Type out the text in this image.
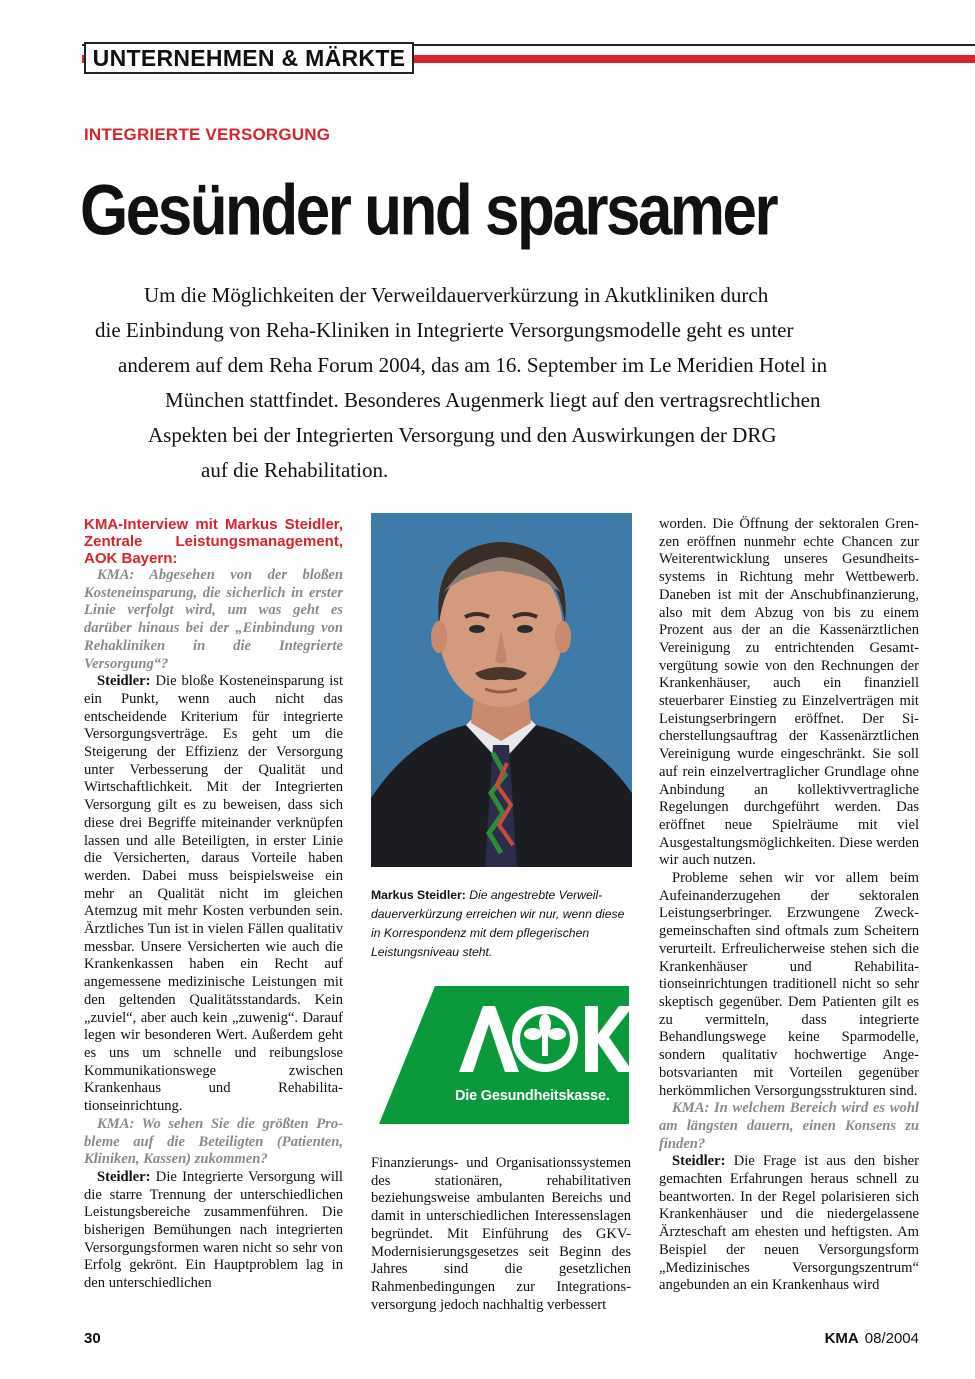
UNTERNEHMEN & MÄRKTE
INTEGRIERTE VERSORGUNG
Gesünder und sparsamer
Um die Möglichkeiten der Verweildauerverkürzung in Akutkliniken durch
die Einbindung von Reha-Kliniken in Integrierte Versorgungsmodelle geht es unter
anderem auf dem Reha Forum 2004, das am 16. September im Le Meridien Hotel in
München stattfindet. Besonderes Augenmerk liegt auf den vertragsrechtlichen
Aspekten bei der Integrierten Versorgung und den Auswirkungen der DRG
auf die Rehabilitation.

KMA-Interview mit Markus Steidler, Zentrale Leistungsmanagement, AOK Bayern:

KMA: Abgesehen von der bloßen Kosteneinsparung, die sicherlich in erster Linie verfolgt wird, um was geht es darüber hinaus bei der „Einbindung von Rehakliniken in die Integrierte Versorgung“?

Steidler: Die bloße Kosteneinsparung ist ein Punkt, wenn auch nicht das entscheidende Kriterium für integrierte Versorgungsverträge. Es geht um die Steigerung der Effizienz der Versorgung unter Verbesserung der Qualität und Wirtschaftlichkeit. Mit der Integrierten Versorgung gilt es zu beweisen, dass sich diese drei Begriffe miteinander verknüpfen lassen und alle Beteiligten, in erster Linie die Versicherten, daraus Vorteile haben werden. Dabei muss beispielsweise ein mehr an Qualität nicht im gleichen Atemzug mit mehr Kosten verbunden sein. Ärztliches Tun ist in vielen Fällen qualitativ messbar. Unsere Versicherten wie auch die Krankenkassen haben ein Recht auf angemessene medizinische Leistungen mit den geltenden Qualitätsstandards. Kein „zuviel“, aber auch kein „zuwenig“. Darauf legen wir besonderen Wert. Außerdem geht es uns um schnelle und reibungslose Kommunikationswege zwischen Krankenhaus und Rehabilitationseinrichtung.

KMA: Wo sehen Sie die größten Probleme auf die Beteiligten (Patienten, Kliniken, Kassen) zukommen?

Steidler: Die Integrierte Versorgung will die starre Trennung der unterschiedlichen Leistungsbereiche zusammenführen. Die bisherigen Bemühungen nach integrierten Versorgungsformen waren nicht so sehr von Erfolg gekrönt. Ein Hauptproblem lag in den unterschiedlichen

Markus Steidler: Die angestrebte Verweildauerverkürzung erreichen wir nur, wenn diese in Korrespondenz mit dem pflegerischen Leistungsniveau steht.
Die Gesundheitskasse.

Finanzierungs- und Organisationssystemen des stationären, rehabilitativen beziehungsweise ambulanten Bereichs und damit in unterschiedlichen Interessenslagen begründet. Mit Einführung des GKV- Modernisierungsgesetzes seit Beginn des Jahres sind die gesetzlichen Rahmenbedingungen zur Integrationsversorgung jedoch nachhaltig verbessert

worden. Die Öffnung der sektoralen Grenzen eröffnen nunmehr echte Chancen zur Weiterentwicklung unseres Gesundheitssystems in Richtung mehr Wettbewerb. Daneben ist mit der Anschubfinanzierung, also mit dem Abzug von bis zu einem Prozent aus der an die Kassenärztlichen Vereinigung zu entrichtenden Gesamtvergütung sowie von den Rechnungen der Krankenhäuser, auch ein finanziell steuerbarer Einstieg zu Einzelverträgen mit Leistungserbringern eröffnet. Der Sicherstellungsauftrag der Kassenärztlichen Vereinigung wurde eingeschränkt. Sie soll auf rein einzelvertraglicher Grundlage ohne Anbindung an kollektivvertragliche Regelungen durchgeführt werden. Das eröffnet neue Spielräume mit viel Ausgestaltungsmöglichkeiten. Diese werden wir auch nutzen.

Probleme sehen wir vor allem beim Aufeinanderzugehen der sektoralen Leistungserbringer. Erzwungene Zweckgemeinschaften sind oftmals zum Scheitern verurteilt. Erfreulicherweise stehen sich die Krankenhäuser und Rehabilitationseinrichtungen traditionell nicht so sehr skeptisch gegenüber. Dem Patienten gilt es zu vermitteln, dass integrierte Behandlungswege keine Sparmodelle, sondern qualitativ hochwertige Angebotsvarianten mit Vorteilen gegenüber herkömmlichen Versorgungsstrukturen sind.

KMA: In welchem Bereich wird es wohl am längsten dauern, einen Konsens zu finden?

Steidler: Die Frage ist aus den bisher gemachten Erfahrungen heraus schnell zu beantworten. In der Regel polarisieren sich Krankenhäuser und die niedergelassene Ärzteschaft am ehesten und heftigsten. Am Beispiel der neuen Versorgungsform „Medizinisches Versorgungszentrum“ angebunden an ein Krankenhaus wird

30	KMA 08/2004
